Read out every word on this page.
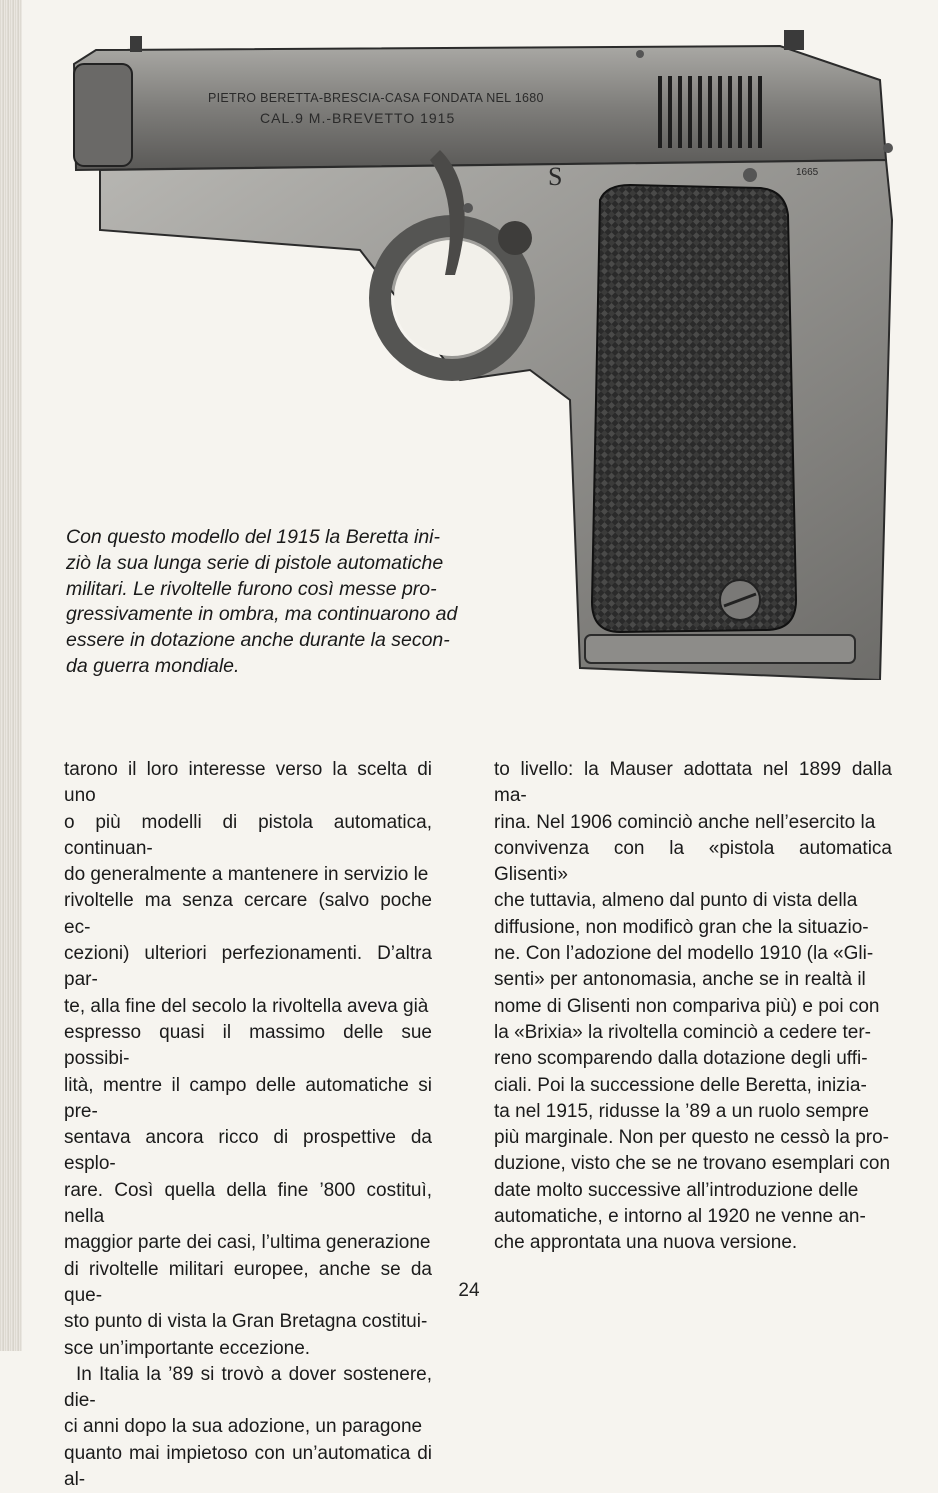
PIETRO BERETTA-BRESCIA-CASA FONDATA NEL 1680
CAL.9 M.-BREVETTO 1915
S	1665
Con questo modello del 1915 la Beretta ini-
ziò la sua lunga serie di pistole automatiche
militari. Le rivoltelle furono così messe pro-
gressivamente in ombra, ma continuarono ad
essere in dotazione anche durante la secon-
da guerra mondiale.

tarono il loro interesse verso la scelta di uno
o più modelli di pistola automatica, continuan-
do generalmente a mantenere in servizio le
rivoltelle ma senza cercare (salvo poche ec-
cezioni) ulteriori perfezionamenti. D’altra par-
te, alla fine del secolo la rivoltella aveva già
espresso quasi il massimo delle sue possibi-
lità, mentre il campo delle automatiche si pre-
sentava ancora ricco di prospettive da esplo-
rare. Così quella della fine ’800 costituì, nella
maggior parte dei casi, l’ultima generazione
di rivoltelle militari europee, anche se da que-
sto punto di vista la Gran Bretagna costitui-
sce un’importante eccezione.

In Italia la ’89 si trovò a dover sostenere, die-
ci anni dopo la sua adozione, un paragone
quanto mai impietoso con un’automatica di al-

to livello: la Mauser adottata nel 1899 dalla ma-
rina. Nel 1906 cominciò anche nell’esercito la
convivenza con la «pistola automatica Glisenti»
che tuttavia, almeno dal punto di vista della
diffusione, non modificò gran che la situazio-
ne. Con l’adozione del modello 1910 (la «Gli-
senti» per antonomasia, anche se in realtà il
nome di Glisenti non compariva più) e poi con
la «Brixia» la rivoltella cominciò a cedere ter-
reno scomparendo dalla dotazione degli uffi-
ciali. Poi la successione delle Beretta, inizia-
ta nel 1915, ridusse la ’89 a un ruolo sempre
più marginale. Non per questo ne cessò la pro-
duzione, visto che se ne trovano esemplari con
date molto successive all’introduzione delle
automatiche, e intorno al 1920 ne venne an-
che approntata una nuova versione.

24
